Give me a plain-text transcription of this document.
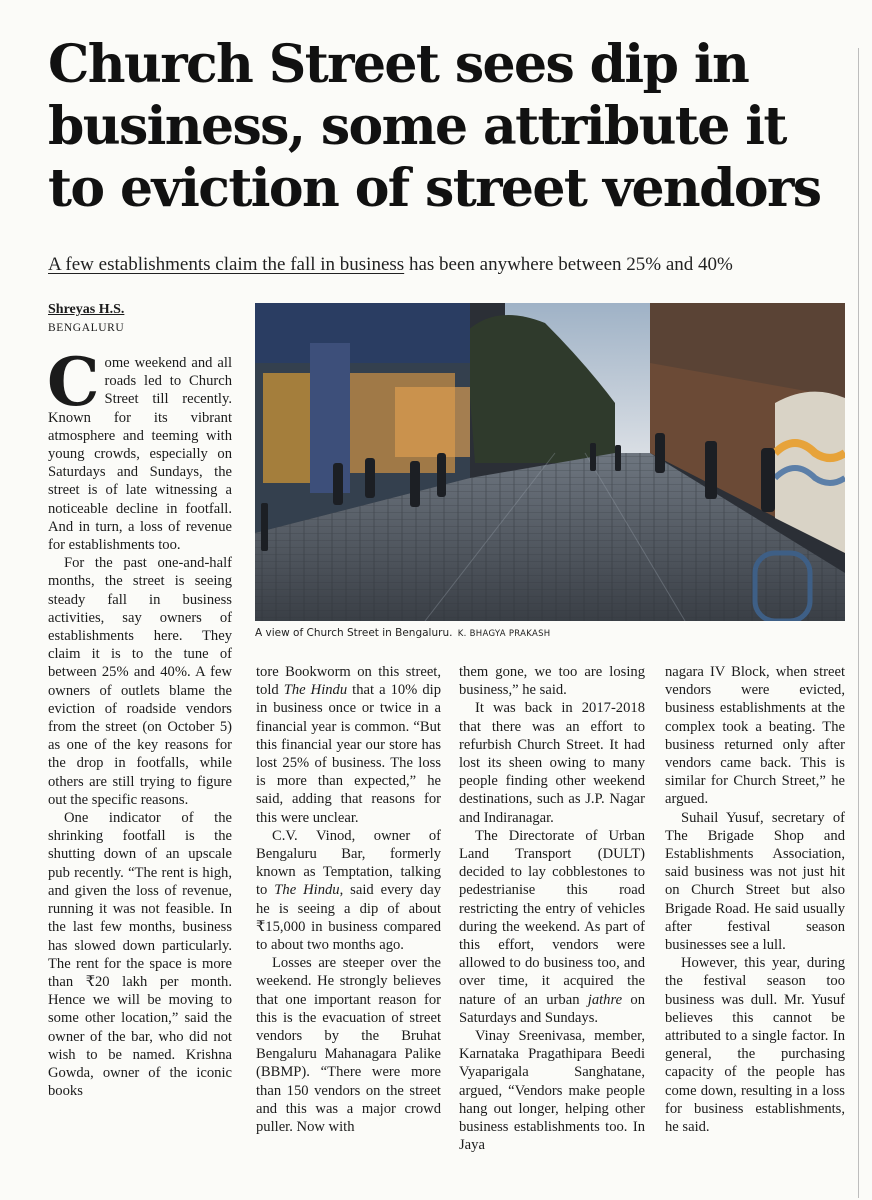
Church Street sees dip in business, some attribute it to eviction of street vendors

A few establishments claim the fall in business has been anywhere between 25% and 40%

Shreyas H.S.
BENGALURU
A view of Church Street in Bengaluru. K. BHAGYA PRAKASH

Come weekend and all roads led to Church Street till recently. Known for its vibrant atmosphere and teeming with young crowds, especially on Saturdays and Sundays, the street is of late witnessing a noticeable decline in footfall. And in turn, a loss of revenue for establishments too.

For the past one-and-half months, the street is seeing steady fall in business activities, say owners of establishments here. They claim it is to the tune of between 25% and 40%. A few owners of outlets blame the eviction of roadside vendors from the street (on October 5) as one of the key reasons for the drop in footfalls, while others are still trying to figure out the specific reasons.

One indicator of the shrinking footfall is the shutting down of an upscale pub recently. “The rent is high, and given the loss of revenue, running it was not feasible. In the last few months, business has slowed down particularly. The rent for the space is more than ₹20 lakh per month. Hence we will be moving to some other location,” said the owner of the bar, who did not wish to be named. Krishna Gowda, owner of the iconic books

tore Bookworm on this street, told The Hindu that a 10% dip in business once or twice in a financial year is common. “But this financial year our store has lost 25% of business. The loss is more than expected,” he said, adding that reasons for this were unclear.

C.V. Vinod, owner of Bengaluru Bar, formerly known as Temptation, talking to The Hindu, said every day he is seeing a dip of about ₹15,000 in business compared to about two months ago.

Losses are steeper over the weekend. He strongly believes that one important reason for this is the evacuation of street vendors by the Bruhat Bengaluru Mahanagara Palike (BBMP). “There were more than 150 vendors on the street and this was a major crowd puller. Now with

them gone, we too are losing business,” he said.

It was back in 2017-2018 that there was an effort to refurbish Church Street. It had lost its sheen owing to many people finding other weekend destinations, such as J.P. Nagar and Indiranagar.

The Directorate of Urban Land Transport (DULT) decided to lay cobblestones to pedestrianise this road restricting the entry of vehicles during the weekend. As part of this effort, vendors were allowed to do business too, and over time, it acquired the nature of an urban jathre on Saturdays and Sundays.

Vinay Sreenivasa, member, Karnataka Pragathipara Beedi Vyaparigala Sanghatane, argued, “Vendors make people hang out longer, helping other business establishments too. In Jaya

nagara IV Block, when street vendors were evicted, business establishments at the complex took a beating. The business returned only after vendors came back. This is similar for Church Street,” he argued.

Suhail Yusuf, secretary of The Brigade Shop and Establishments Association, said business was not just hit on Church Street but also Brigade Road. He said usually after festival season businesses see a lull.

However, this year, during the festival season too business was dull. Mr. Yusuf believes this cannot be attributed to a single factor. In general, the purchasing capacity of the people has come down, resulting in a loss for business establishments, he said.
